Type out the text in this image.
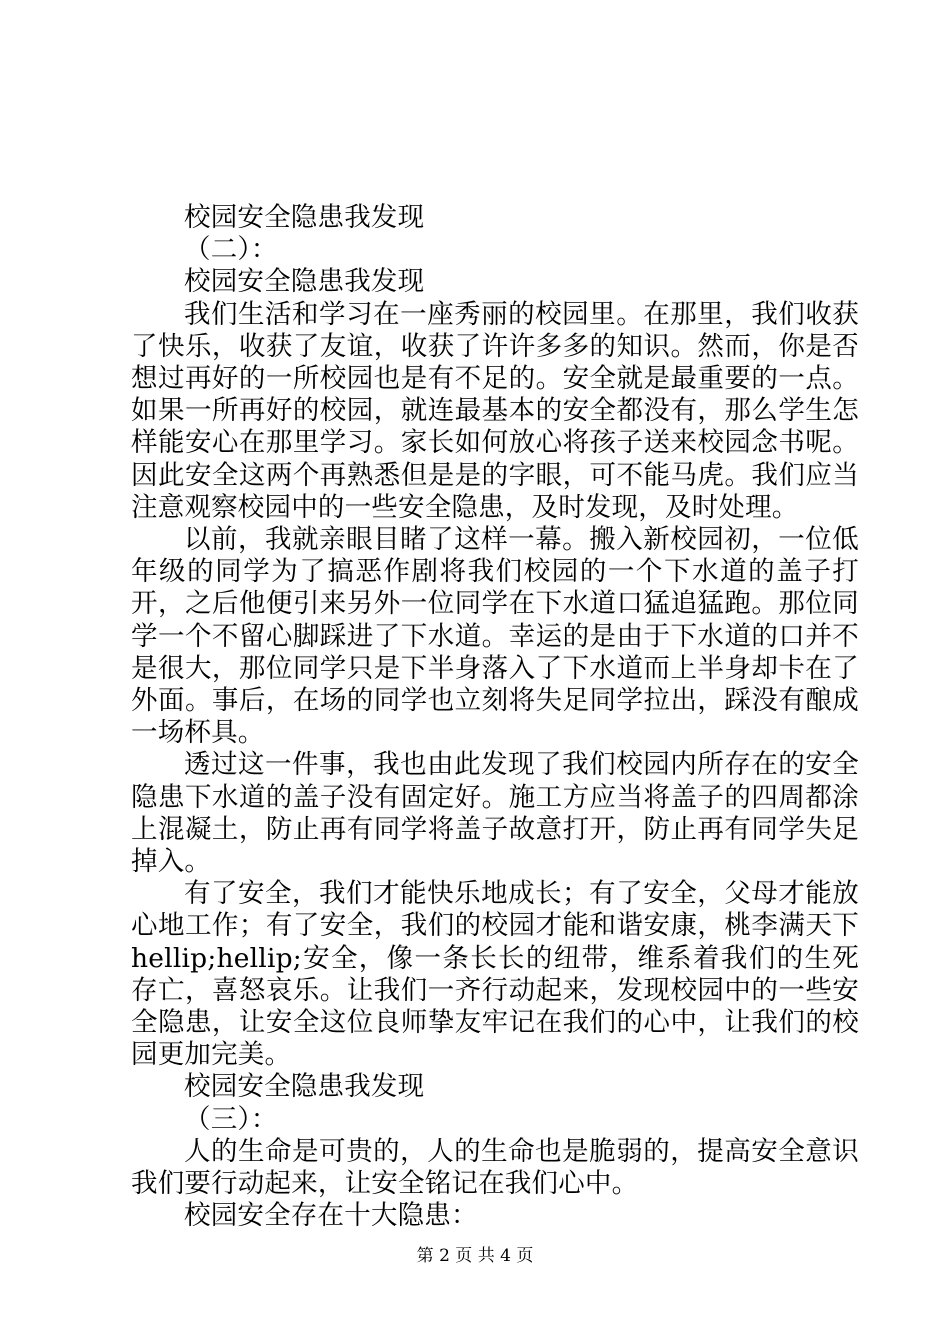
校园安全隐患我发现

（二）：

校园安全隐患我发现

我们生活和学习在一座秀丽的校园里。在那里，我们收获了快乐，收获了友谊，收获了许许多多的知识。然而，你是否想过再好的一所校园也是有不足的。安全就是最重要的一点。如果一所再好的校园，就连最基本的安全都没有，那么学生怎样能安心在那里学习。家长如何放心将孩子送来校园念书呢。因此安全这两个再熟悉但是是的字眼，可不能马虎。我们应当注意观察校园中的一些安全隐患，及时发现，及时处理。

以前，我就亲眼目睹了这样一幕。搬入新校园初，一位低年级的同学为了搞恶作剧将我们校园的一个下水道的盖子打开，之后他便引来另外一位同学在下水道口猛追猛跑。那位同学一个不留心脚踩进了下水道。幸运的是由于下水道的口并不是很大，那位同学只是下半身落入了下水道而上半身却卡在了外面。事后，在场的同学也立刻将失足同学拉出，踩没有酿成一场杯具。

透过这一件事，我也由此发现了我们校园内所存在的安全隐患下水道的盖子没有固定好。施工方应当将盖子的四周都涂上混凝土，防止再有同学将盖子故意打开，防止再有同学失足掉入。

有了安全，我们才能快乐地成长；有了安全，父母才能放心地工作；有了安全，我们的校园才能和谐安康，桃李满天下hellip;hellip;安全，像一条长长的纽带，维系着我们的生死存亡，喜怒哀乐。让我们一齐行动起来，发现校园中的一些安全隐患，让安全这位良师挚友牢记在我们的心中，让我们的校园更加完美。

校园安全隐患我发现

（三）：

人的生命是可贵的，人的生命也是脆弱的，提高安全意识我们要行动起来，让安全铭记在我们心中。

校园安全存在十大隐患：

第 2 页 共 4 页
